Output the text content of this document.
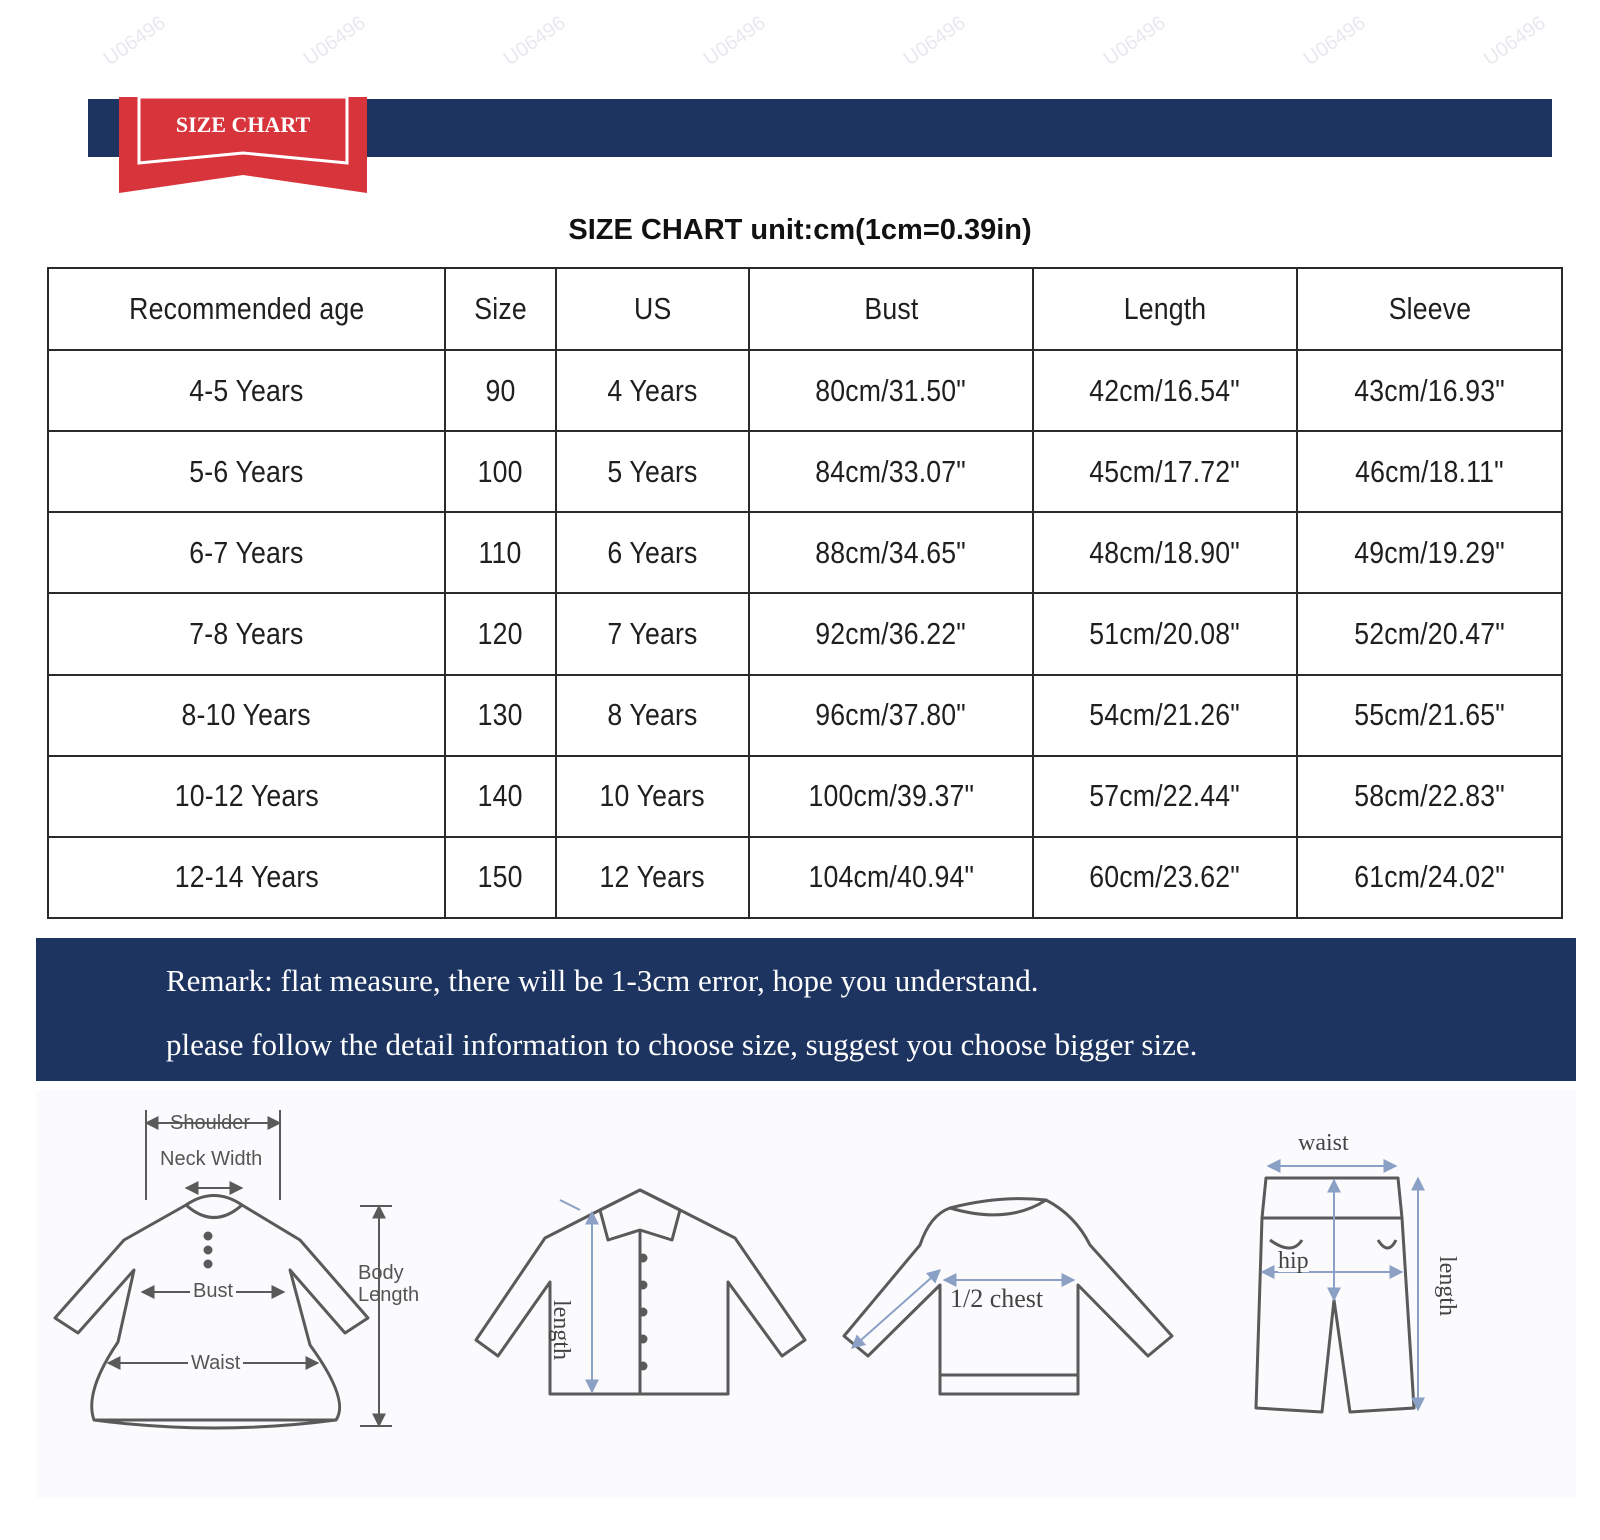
U06496	U06496	U06496	U06496	U06496	U06496	U06496	U06496
SIZE CHART
SIZE CHART unit:cm(1cm=0.39in)
Recommended age	Size	US	Bust	Length	Sleeve
4-5 Years	90	4 Years	80cm/31.50"	42cm/16.54"	43cm/16.93"
5-6 Years	100	5 Years	84cm/33.07"	45cm/17.72"	46cm/18.11"
6-7 Years	110	6 Years	88cm/34.65"	48cm/18.90"	49cm/19.29"
7-8 Years	120	7 Years	92cm/36.22"	51cm/20.08"	52cm/20.47"
8-10 Years	130	8 Years	96cm/37.80"	54cm/21.26"	55cm/21.65"
10-12 Years	140	10 Years	100cm/39.37"	57cm/22.44"	58cm/22.83"
12-14 Years	150	12 Years	104cm/40.94"	60cm/23.62"	61cm/24.02"
Remark: flat measure, there will be 1-3cm error, hope you understand.
please follow the detail information to choose size, suggest you choose bigger size.
Shoulder
Neck Width
Bust
Waist
Body
Length
length
1/2 chest
waist
hip	length
